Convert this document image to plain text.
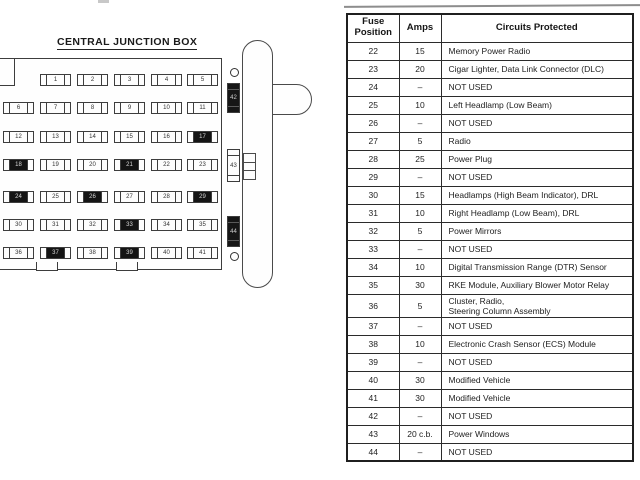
CENTRAL JUNCTION BOX
1	2	3	4	5
6	7	8	9	10	11
12	13	14	15	16	17
18	19	20	21	22	23
24	25	26	27	28	29
30	31	32	33	34	35
36	37	38	39	40	41
42
43
44
Fuse Position	Amps	Circuits Protected
22	15	Memory Power Radio
23	20	Cigar Lighter, Data Link Connector (DLC)
24	–	NOT USED
25	10	Left Headlamp (Low Beam)
26	–	NOT USED
27	5	Radio
28	25	Power Plug
29	–	NOT USED
30	15	Headlamps (High Beam Indicator), DRL
31	10	Right Headlamp (Low Beam), DRL
32	5	Power Mirrors
33	–	NOT USED
34	10	Digital Transmission Range (DTR) Sensor
35	30	RKE Module, Auxiliary Blower Motor Relay
36	5	Cluster, Radio,
Steering Column Assembly
37	–	NOT USED
38	10	Electronic Crash Sensor (ECS) Module
39	–	NOT USED
40	30	Modified Vehicle
41	30	Modified Vehicle
42	–	NOT USED
43	20 c.b.	Power Windows
44	–	NOT USED
